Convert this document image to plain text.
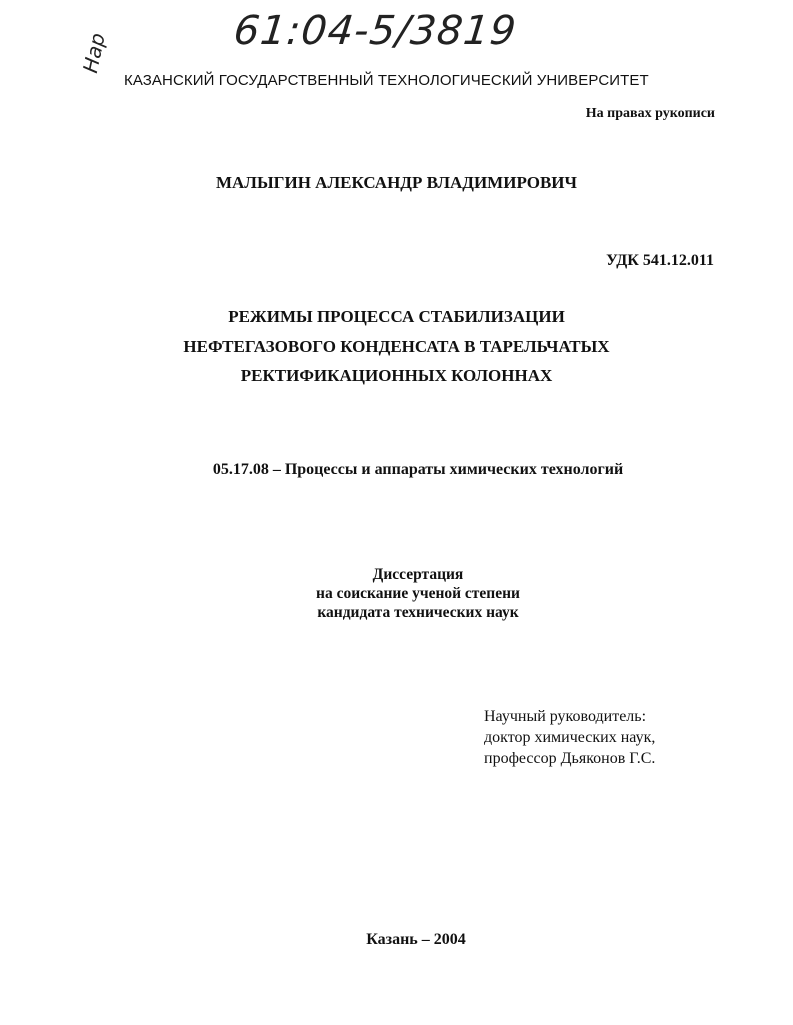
61:04-5/3819
Нар
КАЗАНСКИЙ ГОСУДАРСТВЕННЫЙ ТЕХНОЛОГИЧЕСКИЙ УНИВЕРСИТЕТ
На правах рукописи
МАЛЫГИН АЛЕКСАНДР ВЛАДИМИРОВИЧ
УДК 541.12.011
РЕЖИМЫ ПРОЦЕССА СТАБИЛИЗАЦИИ
НЕФТЕГАЗОВОГО КОНДЕНСАТА В ТАРЕЛЬЧАТЫХ
РЕКТИФИКАЦИОННЫХ КОЛОННАХ
05.17.08 – Процессы и аппараты химических технологий
Диссертация
на соискание ученой степени
кандидата технических наук
Научный руководитель:
доктор химических наук,
профессор Дьяконов Г.С.
Казань – 2004
